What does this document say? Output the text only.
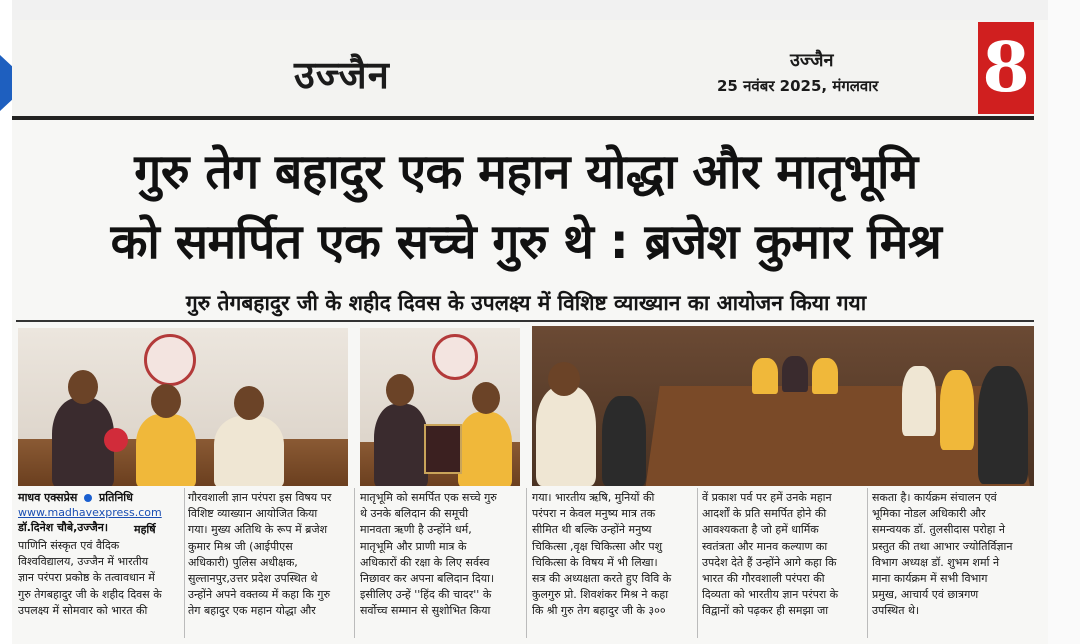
उज्जैन	उज्जैन
25 नवंबर 2025, मंगलवार 8
गुरु तेग बहादुर एक महान योद्धा और मातृभूमि
को समर्पित एक सच्चे गुरु थे : ब्रजेश कुमार मिश्र
गुरु तेगबहादुर जी के शहीद दिवस के उपलक्ष्य में विशिष्ट व्याख्यान का आयोजन किया गया
माधव एक्सप्रेस प्रतिनिधि
www.madhavexpress.com
डॉ.दिनेश चौबे,उज्जैन।
पाणिनि संस्कृत एवं वैदिक
विश्वविद्यालय, उज्जैन में भारतीय
ज्ञान परंपरा प्रकोष्ठ के तत्वावधान में
गुरु तेगबहादुर जी के शहीद दिवस के
उपलक्ष्य में सोमवार को भारत की
महर्षि
गौरवशाली ज्ञान परंपरा इस विषय पर
विशिष्ट व्याख्यान आयोजित किया
गया। मुख्य अतिथि के रूप में ब्रजेश
कुमार मिश्र जी (आईपीएस
अधिकारी) पुलिस अधीक्षक,
सुल्तानपुर,उत्तर प्रदेश उपस्थित थे
उन्होंने अपने वक्तव्य में कहा कि गुरु
तेग बहादुर एक महान योद्धा और
मातृभूमि को समर्पित एक सच्चे गुरु
थे उनके बलिदान की समूची
मानवता ऋणी है उन्होंने धर्म,
मातृभूमि और प्राणी मात्र के
अधिकारों की रक्षा के लिए सर्वस्व
निछावर कर अपना बलिदान दिया।
इसीलिए उन्हें ''हिंद की चादर'' के
सर्वोच्च सम्मान से सुशोभित किया
गया। भारतीय ऋषि, मुनियों की
परंपरा न केवल मनुष्य मात्र तक
सीमित थी बल्कि उन्होंने मनुष्य
चिकित्सा ,वृक्ष चिकित्सा और पशु
चिकित्सा के विषय में भी लिखा।
सत्र की अध्यक्षता करते हुए विवि के
कुलगुरु प्रो. शिवशंकर मिश्र ने कहा
कि श्री गुरु तेग बहादुर जी के ३००
वें प्रकाश पर्व पर हमें उनके महान
आदर्शों के प्रति समर्पित होने की
आवश्यकता है जो हमें धार्मिक
स्वतंत्रता और मानव कल्याण का
उपदेश देते हैं उन्होंने आगे कहा कि
भारत की गौरवशाली परंपरा की
दिव्यता को भारतीय ज्ञान परंपरा के
विद्वानों को पढ़कर ही समझा जा
सकता है। कार्यक्रम संचालन एवं
भूमिका नोडल अधिकारी और
समन्वयक डॉ. तुलसीदास परोहा ने
प्रस्तुत की तथा आभार ज्योतिर्विज्ञान
विभाग अध्यक्ष डॉ. शुभम शर्मा ने
माना कार्यक्रम में सभी विभाग
प्रमुख, आचार्य एवं छात्रगण
उपस्थित थे।
